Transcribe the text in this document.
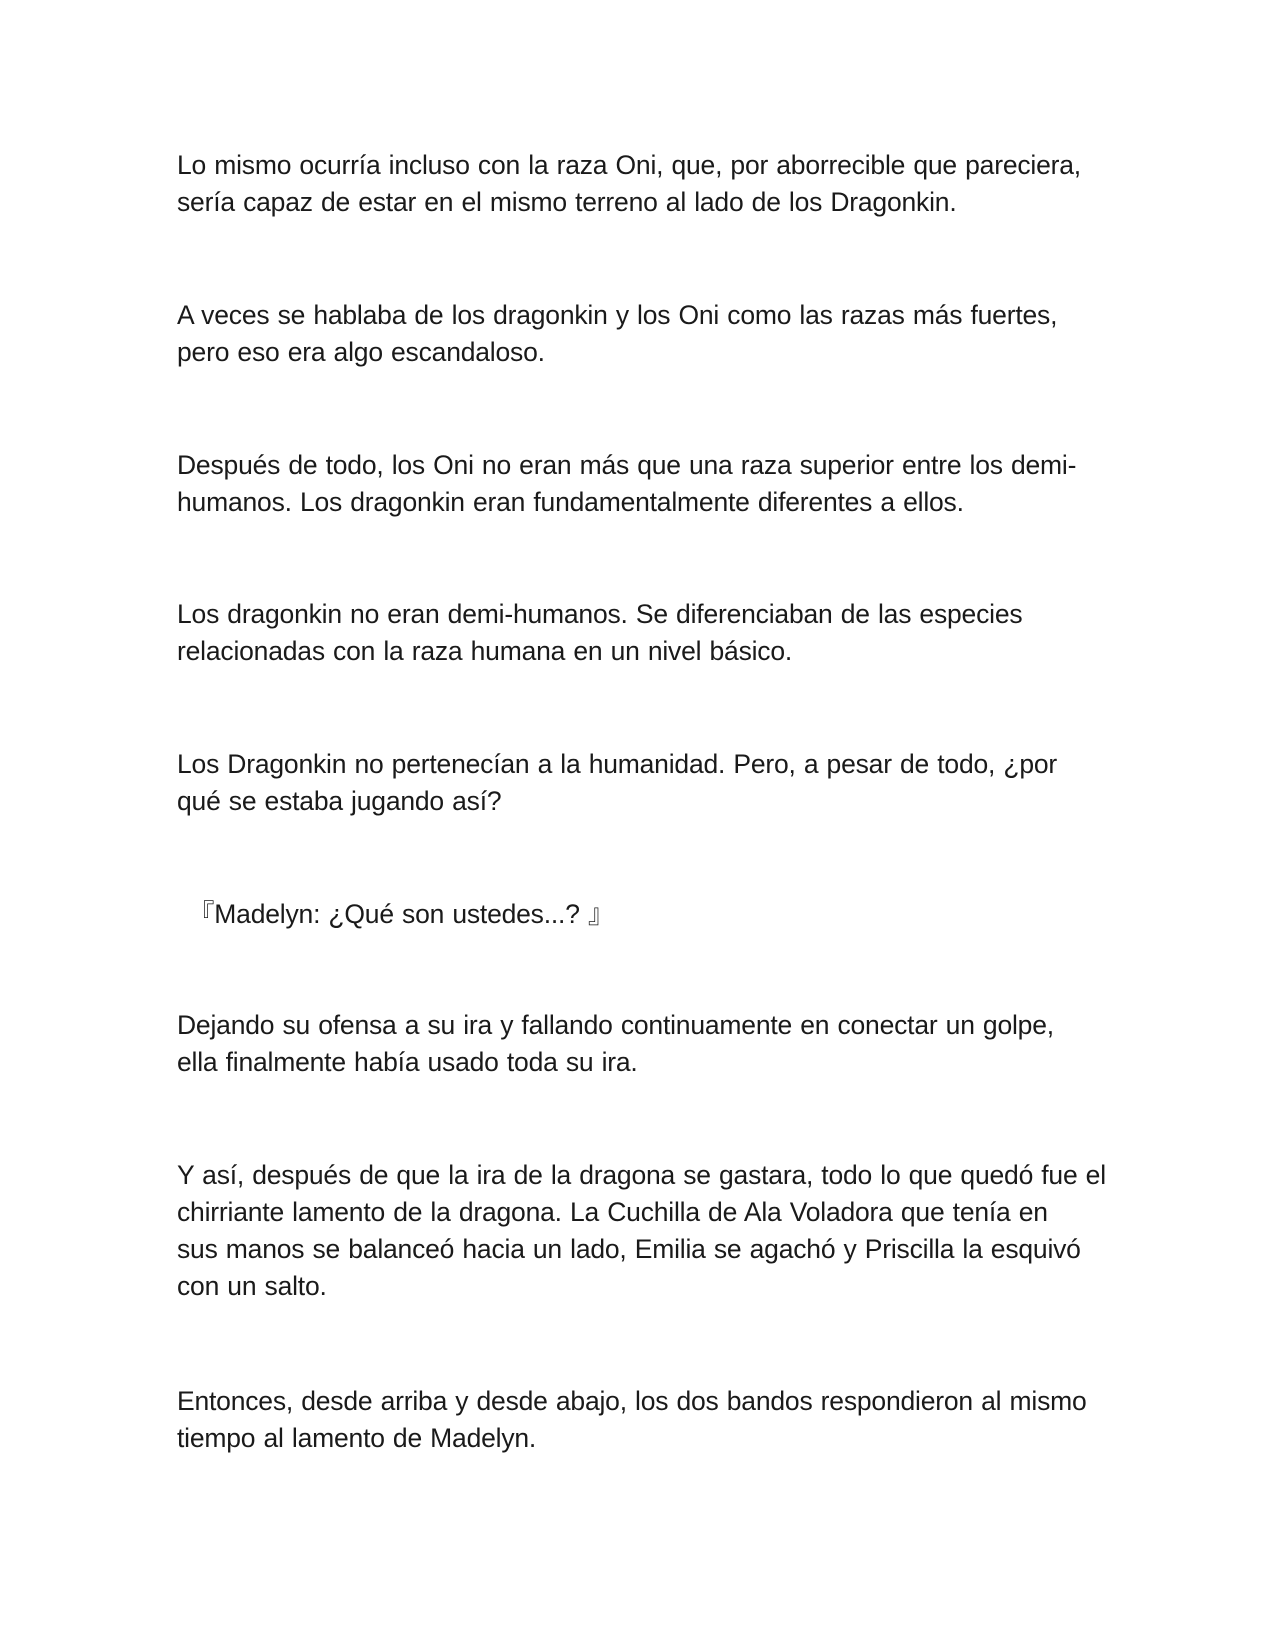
Lo mismo ocurría incluso con la raza Oni, que, por aborrecible que pareciera,
sería capaz de estar en el mismo terreno al lado de los Dragonkin.

A veces se hablaba de los dragonkin y los Oni como las razas más fuertes,
pero eso era algo escandaloso.

Después de todo, los Oni no eran más que una raza superior entre los demi-
humanos. Los dragonkin eran fundamentalmente diferentes a ellos.

Los dragonkin no eran demi-humanos. Se diferenciaban de las especies
relacionadas con la raza humana en un nivel básico.

Los Dragonkin no pertenecían a la humanidad. Pero, a pesar de todo, ¿por
qué se estaba jugando así?

『Madelyn: ¿Qué son ustedes...? 』

Dejando su ofensa a su ira y fallando continuamente en conectar un golpe,
ella finalmente había usado toda su ira.

Y así, después de que la ira de la dragona se gastara, todo lo que quedó fue el
chirriante lamento de la dragona. La Cuchilla de Ala Voladora que tenía en
sus manos se balanceó hacia un lado, Emilia se agachó y Priscilla la esquivó
con un salto.

Entonces, desde arriba y desde abajo, los dos bandos respondieron al mismo
tiempo al lamento de Madelyn.
